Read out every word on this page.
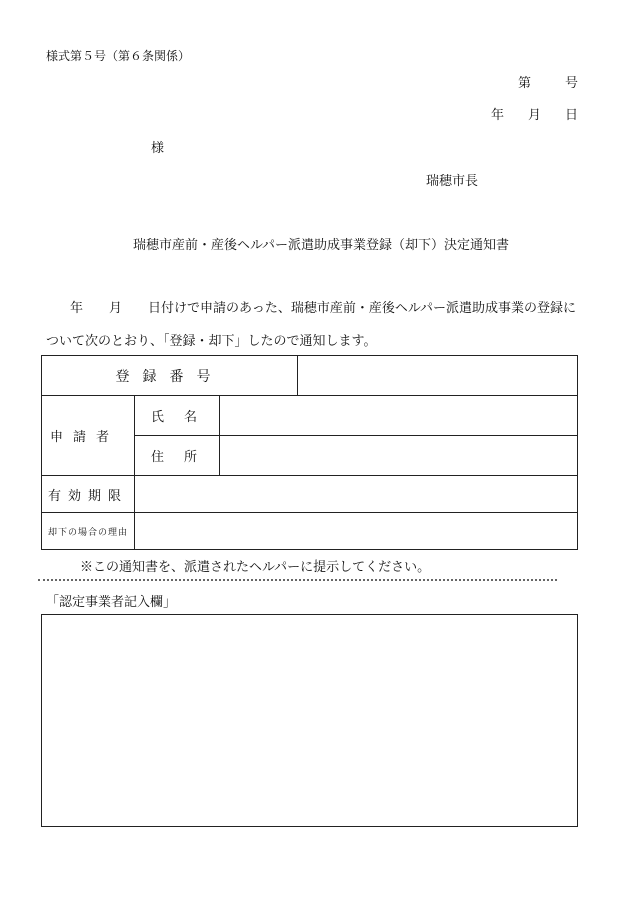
様式第５号（第６条関係）
第	号
年 月 日
様
瑞穂市長
瑞穂市産前・産後ヘルパー派遣助成事業登録（却下）決定通知書
年 月 日付けで申請のあった、瑞穂市産前・産後ヘルパー派遣助成事業の登録に
ついて次のとおり、「登録・却下」したので通知します。
登録番号			
申請者	氏名		
	住所		
有効期限			
却下の場合の理由			
※この通知書を、派遣されたヘルパーに提示してください。
「認定事業者記入欄」
